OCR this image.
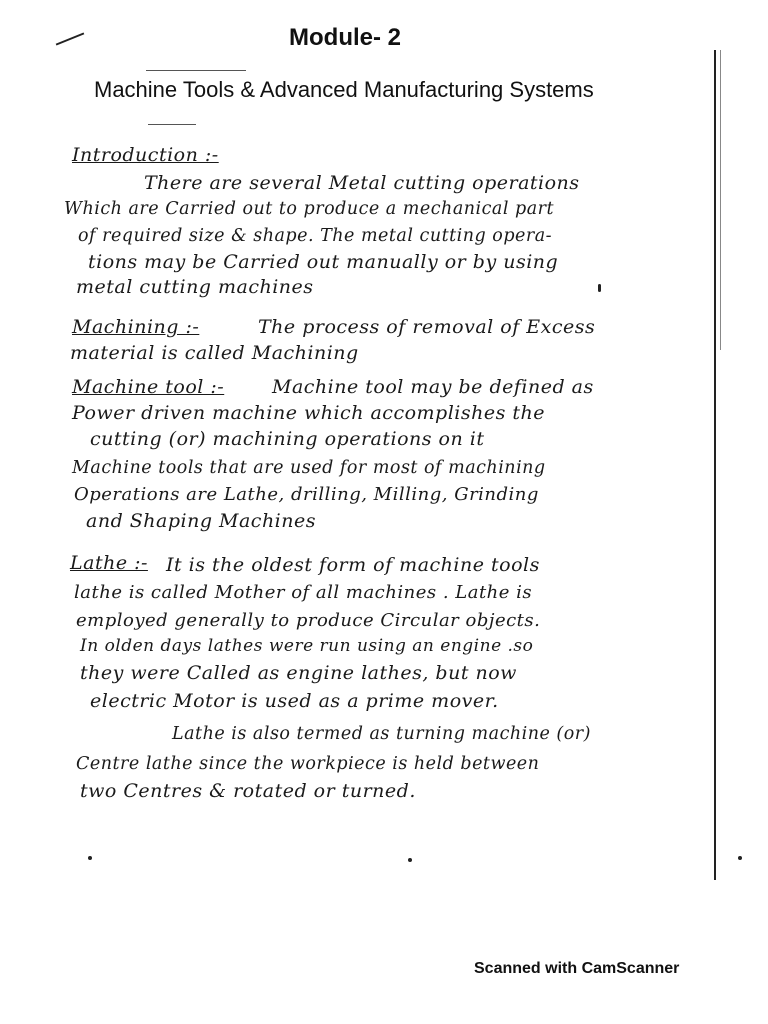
Module- 2
Machine Tools & Advanced Manufacturing Systems
Introduction :-
There are several Metal cutting operations
Which are Carried out to produce a mechanical part
of required size & shape. The metal cutting opera-
tions may be Carried out manually or by using
metal cutting machines
Machining :-	The process of removal of Excess
material is called Machining
Machine tool :-	Machine tool may be defined as
Power driven machine which accomplishes the
cutting (or) machining operations on it
Machine tools that are used for most of machining
Operations are Lathe, drilling, Milling, Grinding
and Shaping Machines
Lathe :- It is the oldest form of machine tools
lathe is called Mother of all machines . Lathe is
employed generally to produce Circular objects.
In olden days lathes were run using an engine .so
they were Called as engine lathes, but now
electric Motor is used as a prime mover.
Lathe is also termed as turning machine (or)
Centre lathe since the workpiece is held between
two Centres & rotated or turned.
Scanned with CamScanner
